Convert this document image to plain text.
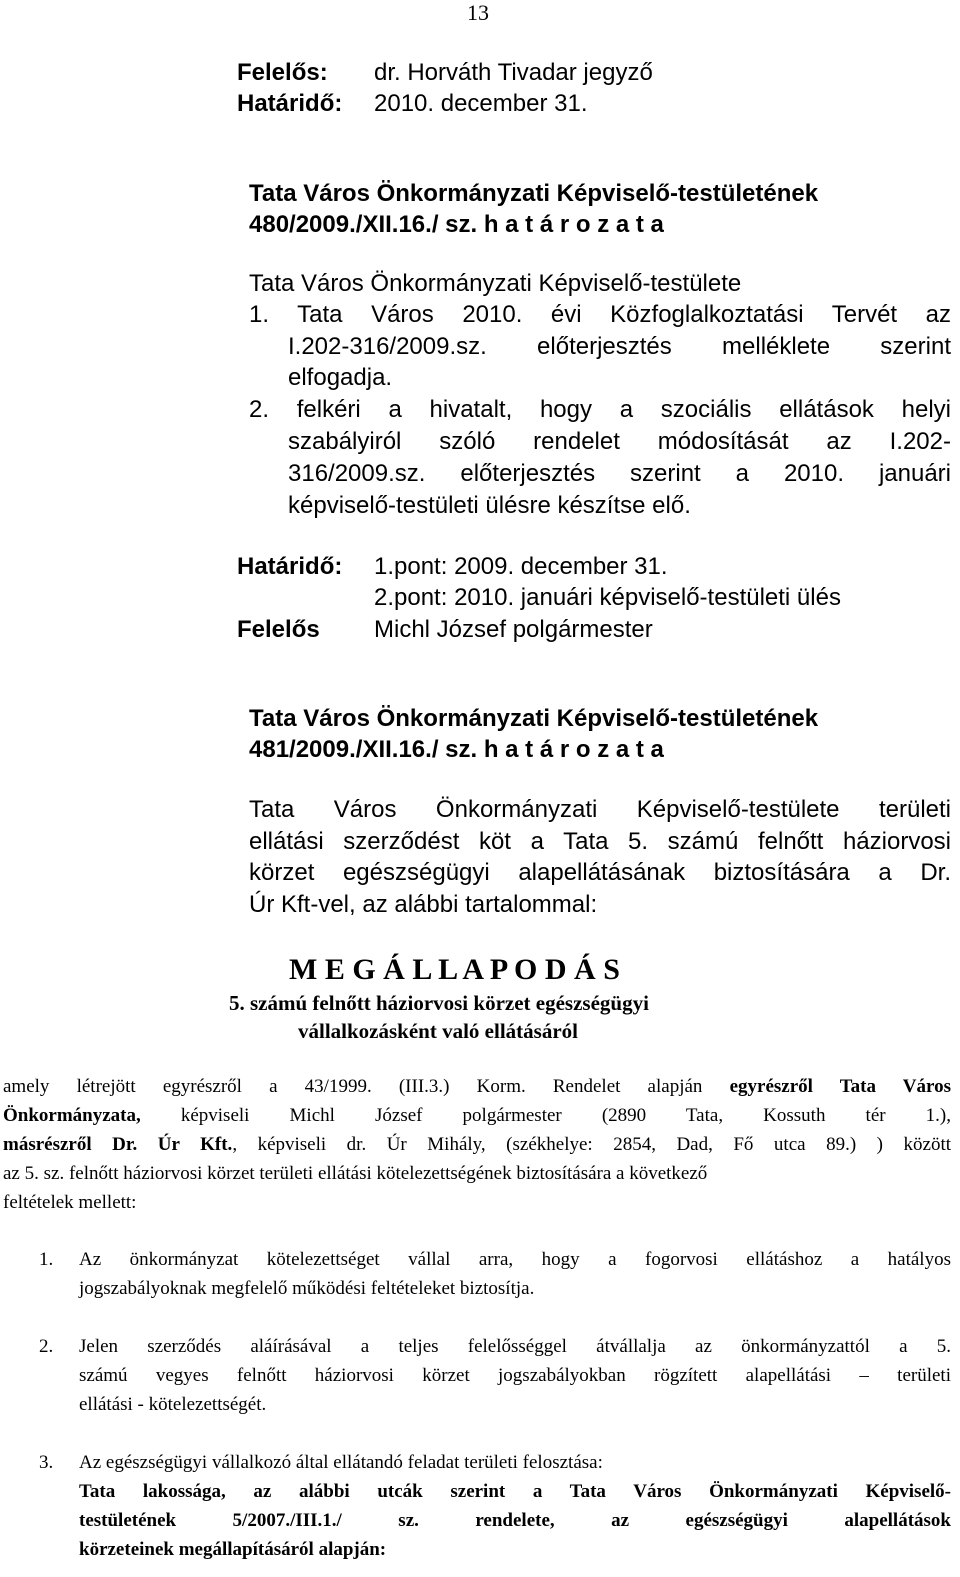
13
Felelős: dr. Horváth Tivadar jegyző
Határidő: 2010. december 31.
Tata Város Önkormányzati Képviselő-testületének
480/2009./XII.16./ sz. h a t á r o z a t a
Tata Város Önkormányzati Képviselő-testülete
1. Tata Város 2010. évi Közfoglalkoztatási Tervét az
I.202-316/2009.sz. előterjesztés melléklete szerint
elfogadja.
2. felkéri a hivatalt, hogy a szociális ellátások helyi
szabályiról szóló rendelet módosítását az I.202-
316/2009.sz. előterjesztés szerint a 2010. januári
képviselő-testületi ülésre készítse elő.
Határidő: 1.pont: 2009. december 31.
2.pont: 2010. januári képviselő-testületi ülés
Felelős Michl József polgármester
Tata Város Önkormányzati Képviselő-testületének
481/2009./XII.16./ sz. h a t á r o z a t a
Tata Város Önkormányzati Képviselő-testülete területi
ellátási szerződést köt a Tata 5. számú felnőtt háziorvosi
körzet egészségügyi alapellátásának biztosítására a Dr.
Úr Kft-vel, az alábbi tartalommal:
M E G Á L L A P O D Á S
5. számú felnőtt háziorvosi körzet egészségügyi
vállalkozásként való ellátásáról
amely létrejött egyrészről a 43/1999. (III.3.) Korm. Rendelet alapján egyrészről Tata Város
Önkormányzata, képviseli Michl József polgármester (2890 Tata, Kossuth tér 1.),
másrészről Dr. Úr Kft., képviseli dr. Úr Mihály, (székhelye: 2854, Dad, Fő utca 89.) ) között
az 5. sz. felnőtt háziorvosi körzet területi ellátási kötelezettségének biztosítására a következő
feltételek mellett:
1. Az önkormányzat kötelezettséget vállal arra, hogy a fogorvosi ellátáshoz a hatályos
jogszabályoknak megfelelő működési feltételeket biztosítja.
2. Jelen szerződés aláírásával a teljes felelősséggel átvállalja az önkormányzattól a 5.
számú vegyes felnőtt háziorvosi körzet jogszabályokban rögzített alapellátási – területi
ellátási - kötelezettségét.
3. Az egészségügyi vállalkozó által ellátandó feladat területi felosztása:
Tata lakossága, az alábbi utcák szerint a Tata Város Önkormányzati Képviselő-
testületének 5/2007./III.1./ sz. rendelete, az egészségügyi alapellátások
körzeteinek megállapításáról alapján:
